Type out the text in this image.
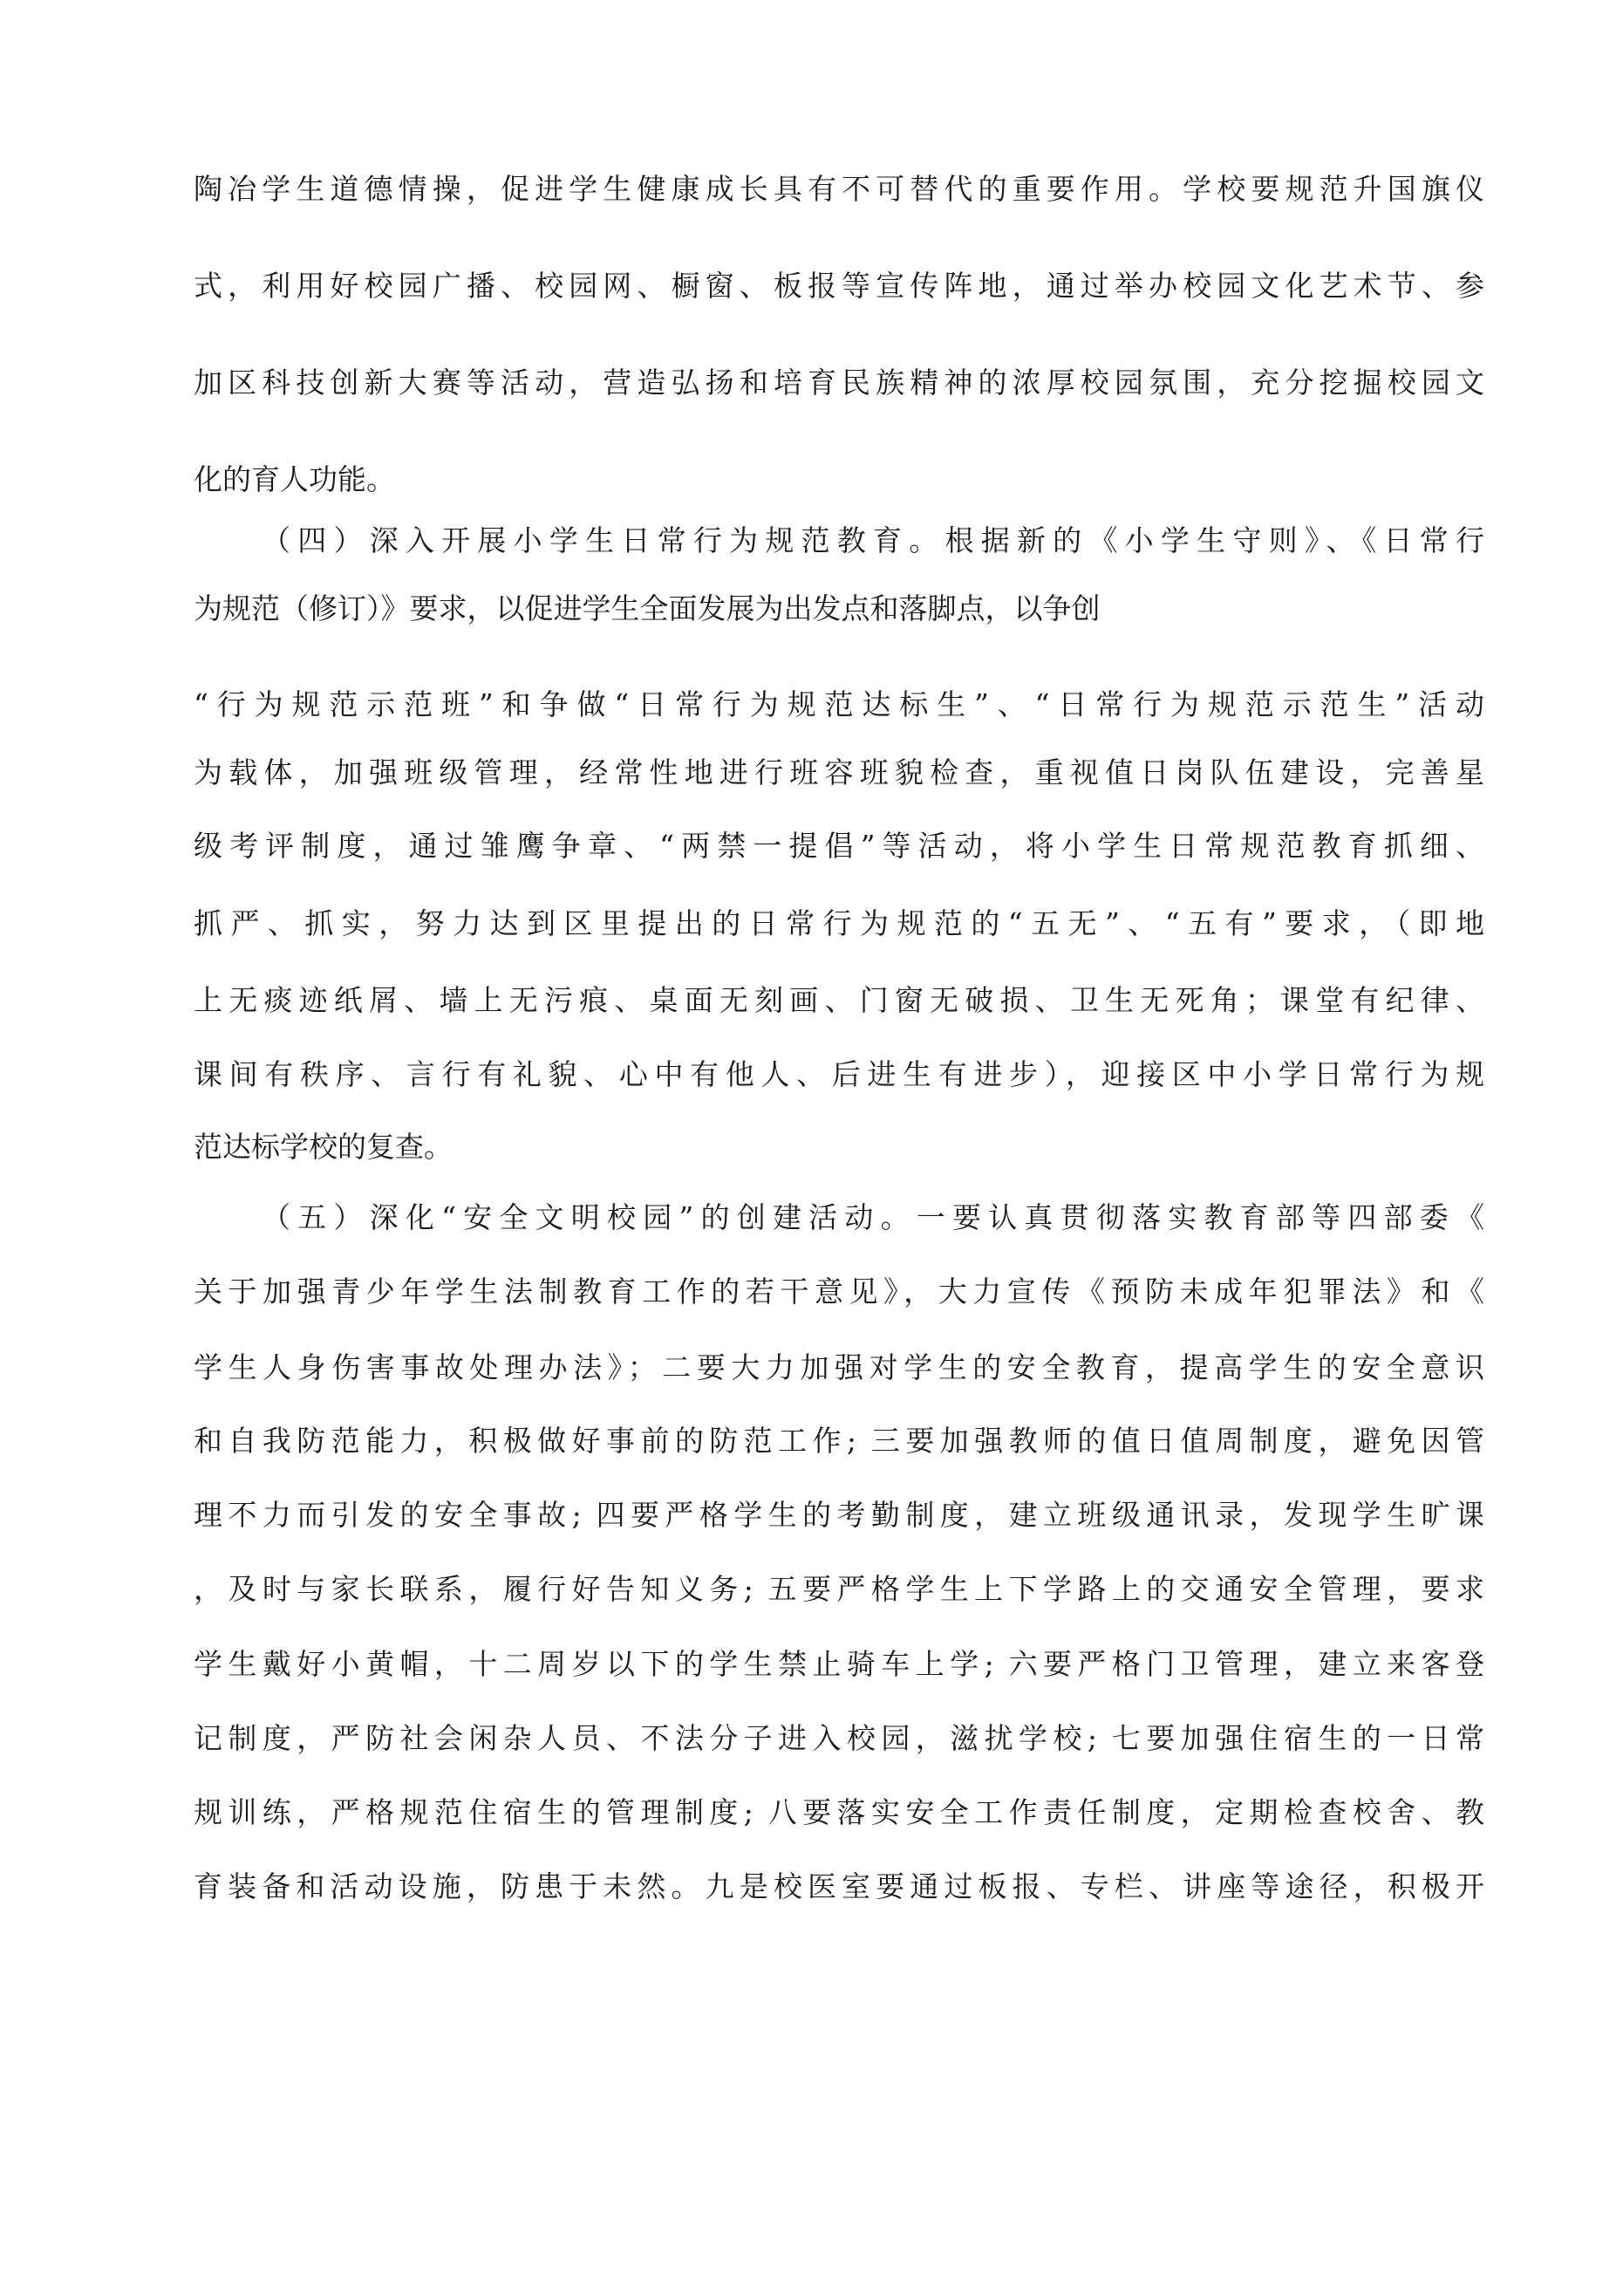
陶冶学生道德情操，促进学生健康成长具有不可替代的重要作用。学校要规范升国旗仪
式，利用好校园广播、校园网、橱窗、板报等宣传阵地，通过举办校园文化艺术节、参
加区科技创新大赛等活动，营造弘扬和培育民族精神的浓厚校园氛围，充分挖掘校园文
化的育人功能。
（四）深入开展小学生日常行为规范教育。根据新的《小学生守则》、《日常行
为规范（修订）》要求，以促进学生全面发展为出发点和落脚点，以争创
“行为规范示范班”和争做“日常行为规范达标生”、“日常行为规范示范生”活动
为载体，加强班级管理，经常性地进行班容班貌检查，重视值日岗队伍建设，完善星
级考评制度，通过雏鹰争章、“两禁一提倡”等活动，将小学生日常规范教育抓细、
抓严、抓实，努力达到区里提出的日常行为规范的“五无”、“五有”要求，（即地
上无痰迹纸屑、墙上无污痕、桌面无刻画、门窗无破损、卫生无死角；课堂有纪律、
课间有秩序、言行有礼貌、心中有他人、后进生有进步），迎接区中小学日常行为规
范达标学校的复查。
（五）深化“安全文明校园”的创建活动。一要认真贯彻落实教育部等四部委《
关于加强青少年学生法制教育工作的若干意见》，大力宣传《预防未成年犯罪法》和《
学生人身伤害事故处理办法》；二要大力加强对学生的安全教育，提高学生的安全意识
和自我防范能力，积极做好事前的防范工作; 三要加强教师的值日值周制度，避免因管
理不力而引发的安全事故; 四要严格学生的考勤制度，建立班级通讯录，发现学生旷课
，及时与家长联系，履行好告知义务; 五要严格学生上下学路上的交通安全管理，要求
学生戴好小黄帽，十二周岁以下的学生禁止骑车上学; 六要严格门卫管理，建立来客登
记制度，严防社会闲杂人员、不法分子进入校园，滋扰学校; 七要加强住宿生的一日常
规训练，严格规范住宿生的管理制度; 八要落实安全工作责任制度，定期检查校舍、教
育装备和活动设施，防患于未然。九是校医室要通过板报、专栏、讲座等途径，积极开
